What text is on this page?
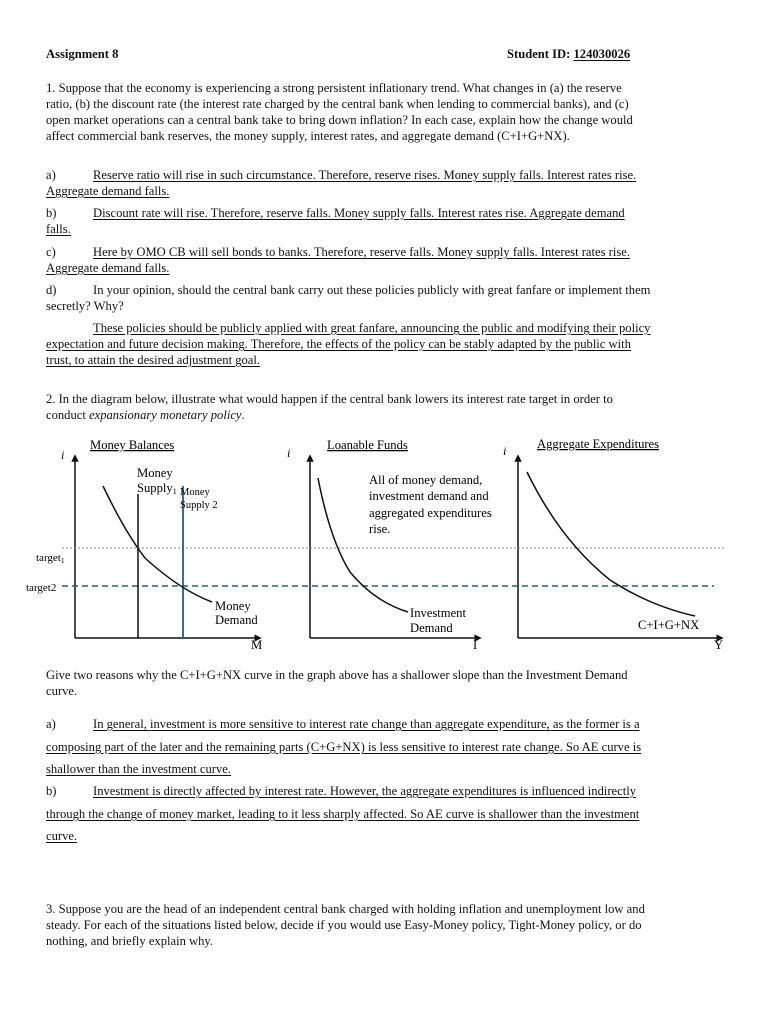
Assignment 8	Student ID: 124030026
1. Suppose that the economy is experiencing a strong persistent inflationary trend. What changes in (a) the reserve
ratio, (b) the discount rate (the interest rate charged by the central bank when lending to commercial banks), and (c)
open market operations can a central bank take to bring down inflation? In each case, explain how the change would
affect commercial bank reserves, the money supply, interest rates, and aggregate demand (C+I+G+NX).
a)	Reserve ratio will rise in such circumstance. Therefore, reserve rises. Money supply falls. Interest rates rise.
Aggregate demand falls.
b)	Discount rate will rise. Therefore, reserve falls. Money supply falls. Interest rates rise. Aggregate demand
falls.
c)	Here by OMO CB will sell bonds to banks. Therefore, reserve falls. Money supply falls. Interest rates rise.
Aggregate demand falls.
d)	In your opinion, should the central bank carry out these policies publicly with great fanfare or implement them
secretly? Why?
These policies should be publicly applied with great fanfare, announcing the public and modifying their policy
expectation and future decision making. Therefore, the effects of the policy can be stably adapted by the public with
trust, to attain the desired adjustment goal.
2. In the diagram below, illustrate what would happen if the central bank lowers its interest rate target in order to
conduct expansionary monetary policy.
Money Balances	Loanable Funds	Aggregate Expenditures
i	i	i
M	I	Y
Money
Supply1 Money
Supply 2
target1
target2
Money
Demand	Investment
Demand	C+I+G+NX
All of money demand,
investment demand and
aggregated expenditures
rise.
Give two reasons why the C+I+G+NX curve in the graph above has a shallower slope than the Investment Demand
curve.
a)	In general, investment is more sensitive to interest rate change than aggregate expenditure, as the former is a
composing part of the later and the remaining parts (C+G+NX) is less sensitive to interest rate change. So AE curve is
shallower than the investment curve.
b)	Investment is directly affected by interest rate. However, the aggregate expenditures is influenced indirectly
through the change of money market, leading to it less sharply affected. So AE curve is shallower than the investment
curve.
3. Suppose you are the head of an independent central bank charged with holding inflation and unemployment low and
steady. For each of the situations listed below, decide if you would use Easy-Money policy, Tight-Money policy, or do
nothing, and briefly explain why.
